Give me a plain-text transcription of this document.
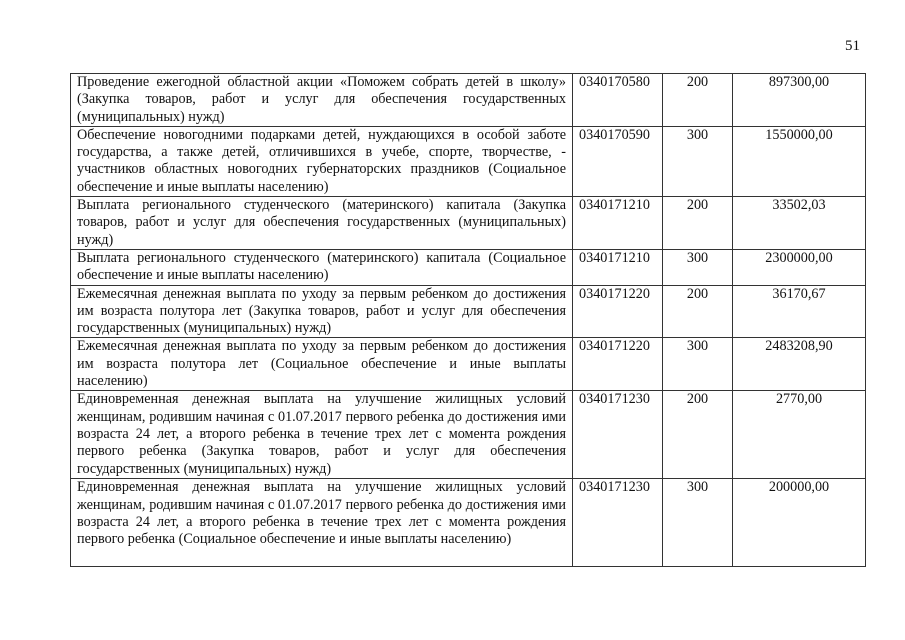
51
Проведение ежегодной областной акции «Поможем собрать детей в школу» (Закупка товаров, работ и услуг для обеспечения государственных (муниципальных) нужд)	0340170580	200	897300,00
Обеспечение новогодними подарками детей, нуждающихся в особой заботе государства, а также детей, отличившихся в учебе, спорте, творчестве, - участников областных новогодних губернаторских праздников (Социальное обеспечение и иные выплаты населению)	0340170590	300	1550000,00
Выплата регионального студенческого (материнского) капитала (Закупка товаров, работ и услуг для обеспечения государственных (муниципальных) нужд)	0340171210	200	33502,03
Выплата регионального студенческого (материнского) капитала (Социальное обеспечение и иные выплаты населению)	0340171210	300	2300000,00
Ежемесячная денежная выплата по уходу за первым ребенком до достижения им возраста полутора лет (Закупка товаров, работ и услуг для обеспечения государственных (муниципальных) нужд)	0340171220	200	36170,67
Ежемесячная денежная выплата по уходу за первым ребенком до достижения им возраста полутора лет (Социальное обеспечение и иные выплаты населению)	0340171220	300	2483208,90
Единовременная денежная выплата на улучшение жилищных условий женщинам, родившим начиная с 01.07.2017 первого ребенка до достижения ими возраста 24 лет, а второго ребенка в течение трех лет с момента рождения первого ребенка (Закупка товаров, работ и услуг для обеспечения государственных (муниципальных) нужд)	0340171230	200	2770,00
Единовременная денежная выплата на улучшение жилищных условий женщинам, родившим начиная с 01.07.2017 первого ребенка до достижения ими возраста 24 лет, а второго ребенка в течение трех лет с момента рождения первого ребенка (Социальное обеспечение и иные выплаты населению)	0340171230	300	200000,00
